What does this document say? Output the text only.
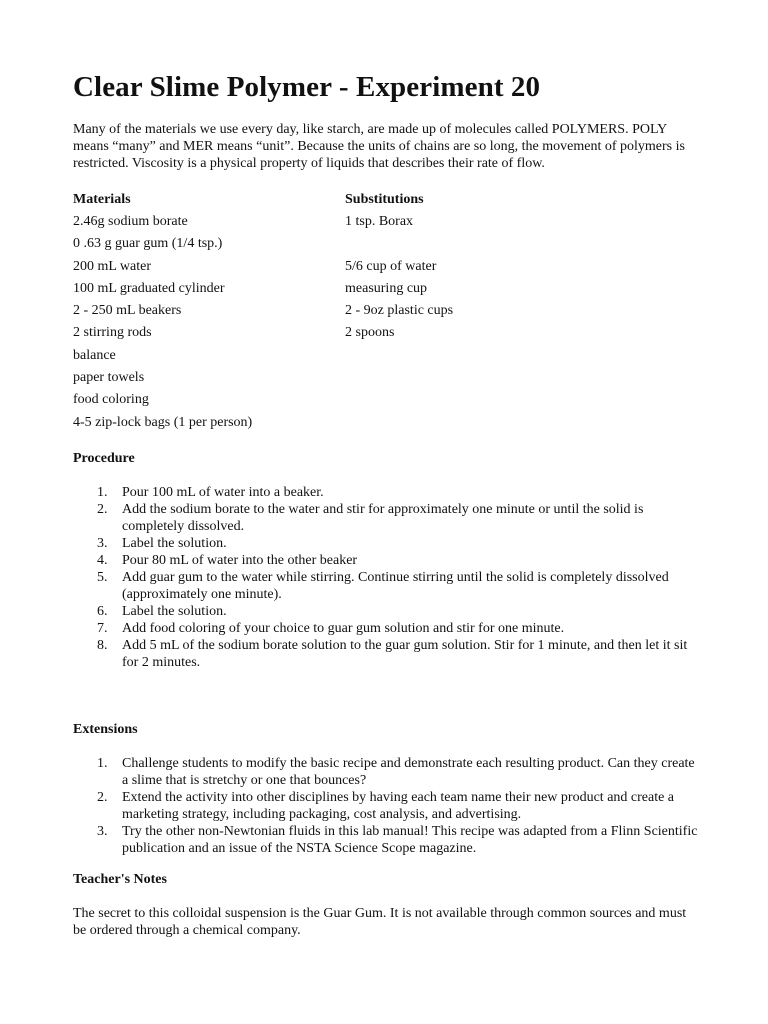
Clear Slime Polymer - Experiment 20

Many of the materials we use every day, like starch, are made up of molecules called POLYMERS. POLY means “many” and MER means “unit”. Because the units of chains are so long, the movement of polymers is restricted. Viscosity is a physical property of liquids that describes their rate of flow.

Materials	Substitutions
2.46g sodium borate	1 tsp. Borax
0 .63 g guar gum (1/4 tsp.)
200 mL water	5/6 cup of water
100 mL graduated cylinder	measuring cup
2 - 250 mL beakers	2 - 9oz plastic cups
2 stirring rods	2 spoons
balance
paper towels
food coloring
4-5 zip-lock bags (1 per person)
Procedure
1.	Pour 100 mL of water into a beaker.
2.	Add the sodium borate to the water and stir for approximately one minute or until the solid is completely dissolved.
3.	Label the solution.
4.	Pour 80 mL of water into the other beaker
5.	Add guar gum to the water while stirring. Continue stirring until the solid is completely dissolved (approximately one minute).
6.	Label the solution.
7.	Add food coloring of your choice to guar gum solution and stir for one minute.
8.	Add 5 mL of the sodium borate solution to the guar gum solution. Stir for 1 minute, and then let it sit for 2 minutes.
Extensions
1.	Challenge students to modify the basic recipe and demonstrate each resulting product. Can they create a slime that is stretchy or one that bounces?
2.	Extend the activity into other disciplines by having each team name their new product and create a marketing strategy, including packaging, cost analysis, and advertising.
3.	Try the other non-Newtonian fluids in this lab manual! This recipe was adapted from a Flinn Scientific publication and an issue of the NSTA Science Scope magazine.
Teacher's Notes

The secret to this colloidal suspension is the Guar Gum. It is not available through common sources and must be ordered through a chemical company.
